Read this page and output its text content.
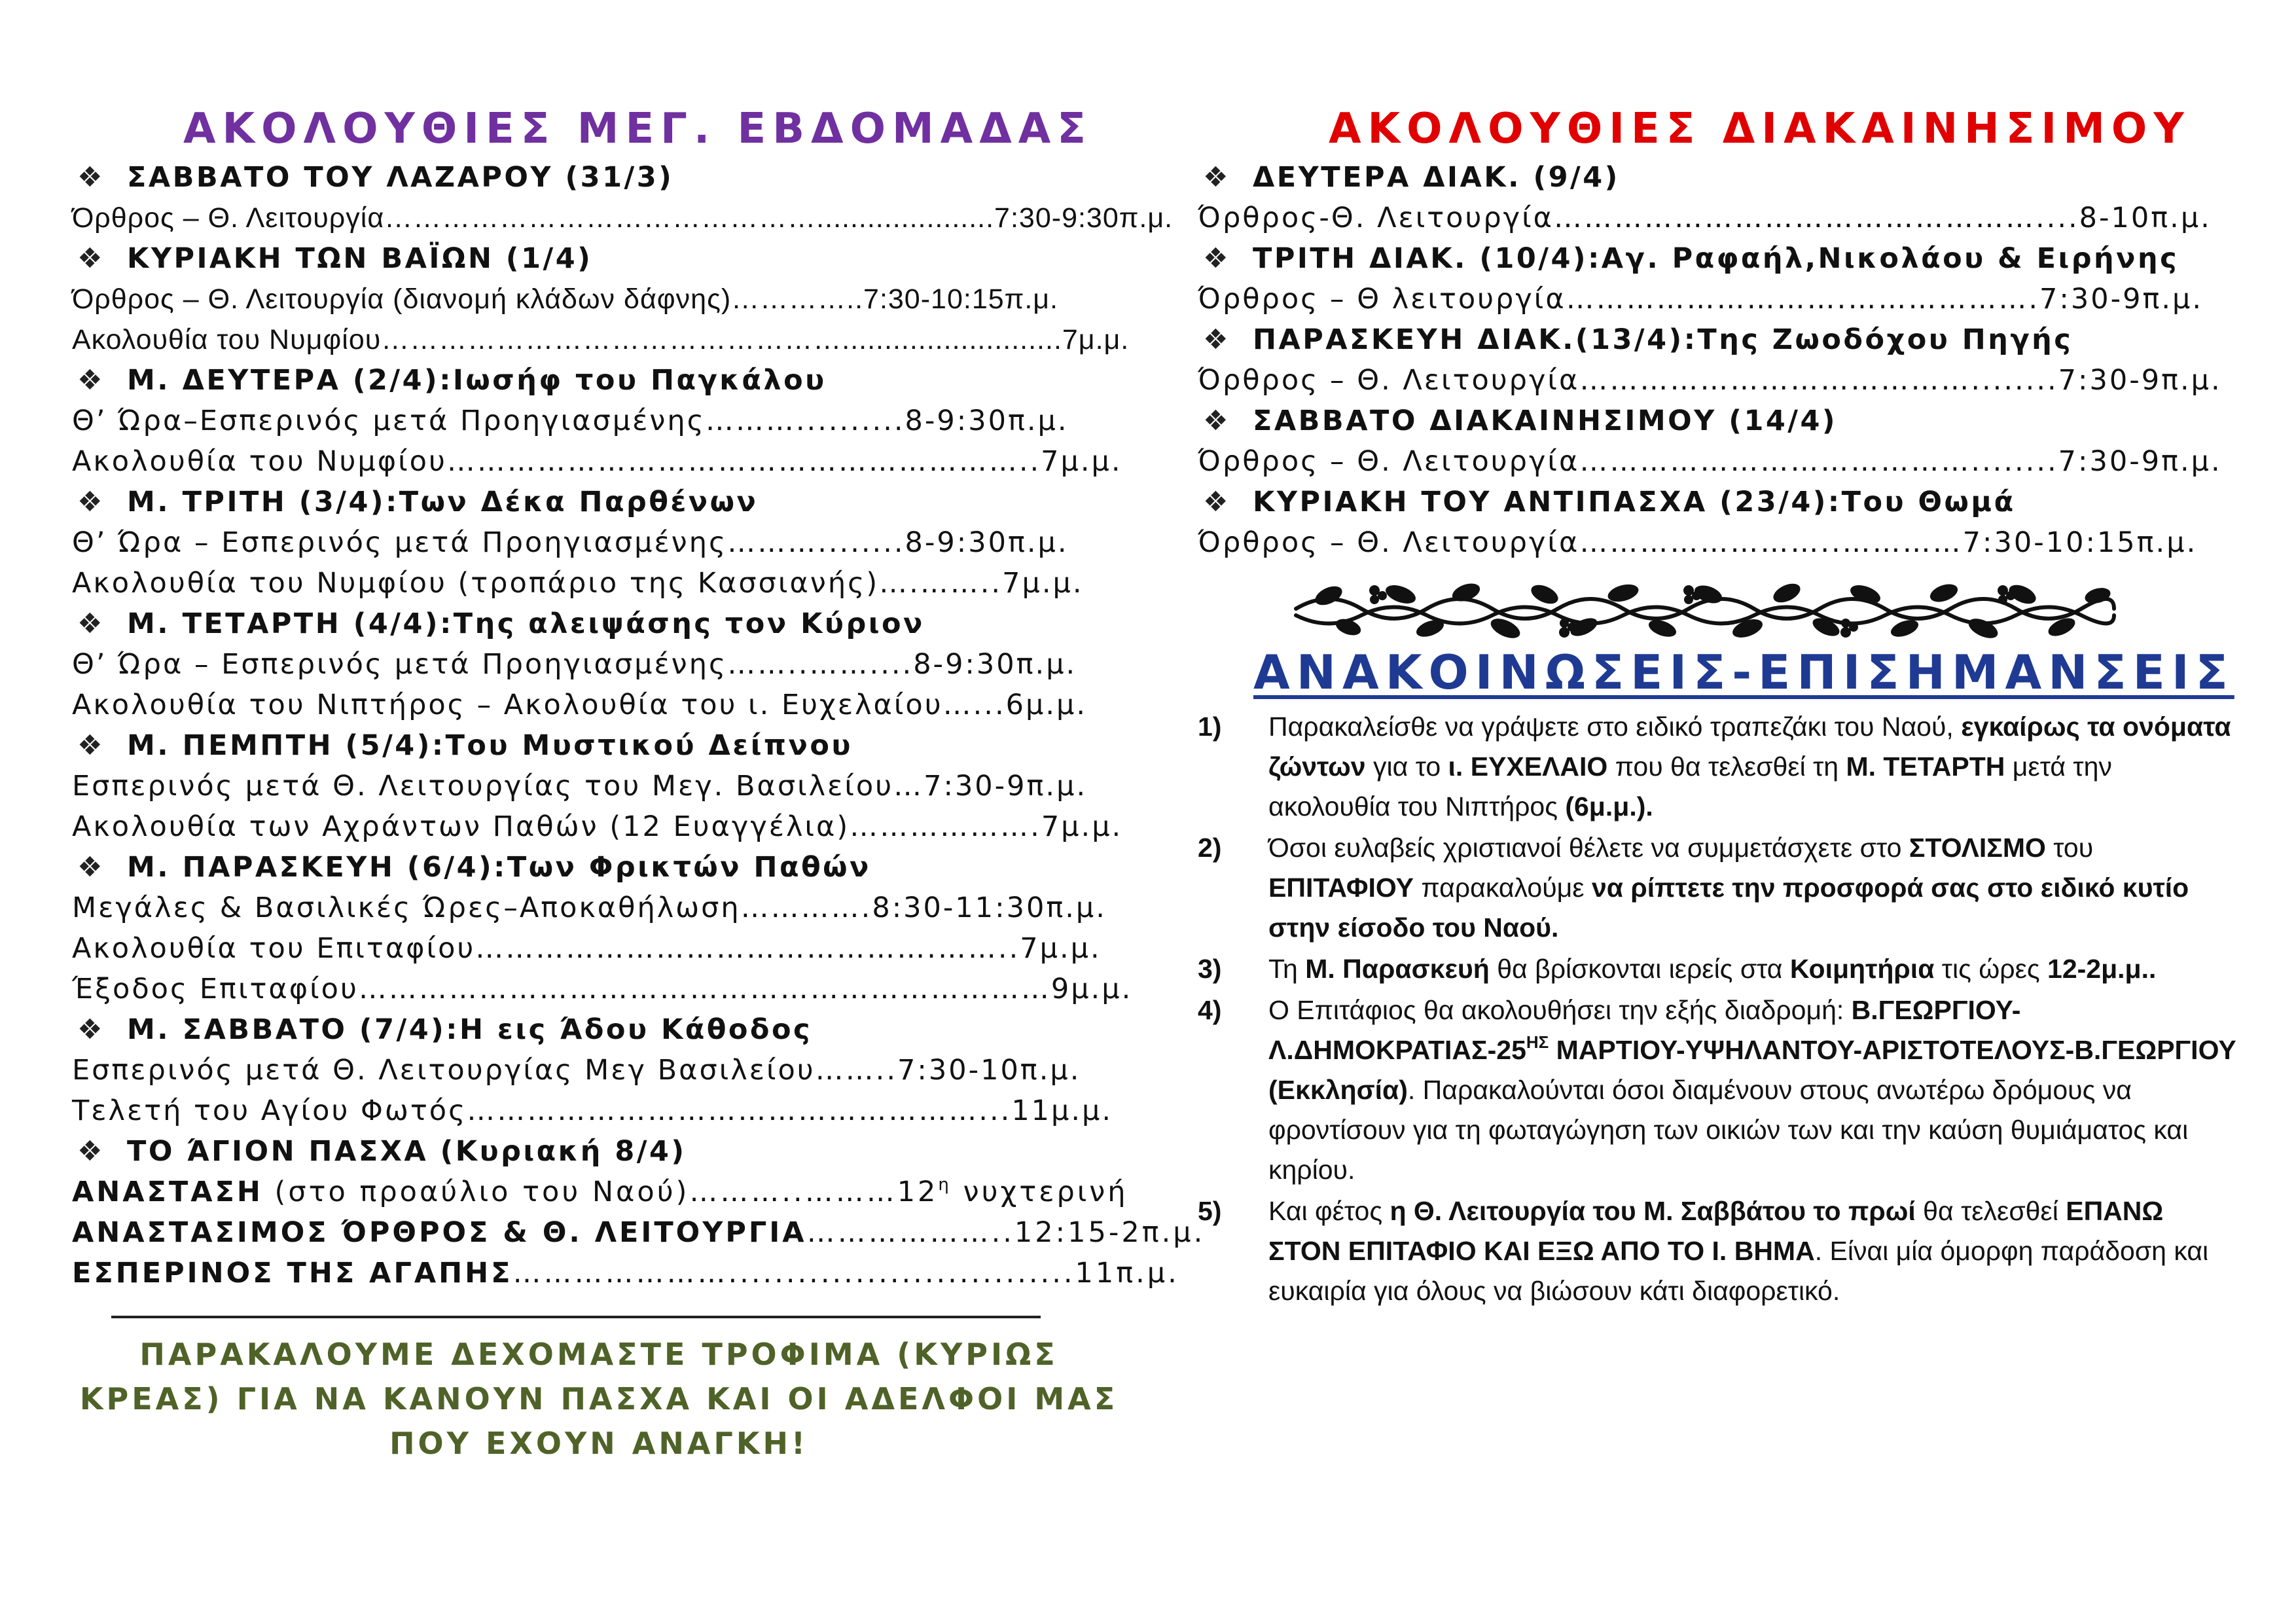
ΑΚΟΛΟΥΘΙΕΣ ΜΕΓ. ΕΒΔΟΜΑΔΑΣ
❖ ΣΑΒΒΑΤΟ ΤΟΥ ΛΑΖΑΡΟΥ (31/3)
Όρθρος – Θ. Λειτουργία……………………………………….....................7:30-9:30π.μ.
❖ ΚΥΡΙΑΚΗ ΤΩΝ ΒΑΪΩΝ (1/4)
Όρθρος – Θ. Λειτουργία (διανομή κλάδων δάφνης)…………..7:30-10:15π.μ.
Ακολουθία του Νυμφίου…………………………………………..........................7μ.μ.
❖ Μ. ΔΕΥΤΕΡΑ (2/4):Ιωσήφ του Παγκάλου
Θ’ Ώρα–Εσπερινός μετά Προηγιασμένης………..........8-9:30π.μ.
Ακολουθία του Νυμφίου…………………………………………………..7μ.μ.
❖ Μ. ΤΡΙΤΗ (3/4):Των Δέκα Παρθένων
Θ’ Ώρα – Εσπερινός μετά Προηγιασμένης………........8-9:30π.μ.
Ακολουθία του Νυμφίου (τροπάριο της Κασσιανής)….……..7μ.μ.
❖ Μ. ΤΕΤΑΡΤΗ (4/4):Της αλειψάσης τον Κύριον
Θ’ Ώρα – Εσπερινός μετά Προηγιασμένης……..……....8-9:30π.μ.
Ακολουθία του Νιπτήρος – Ακολουθία του ι. Ευχελαίου…...6μ.μ.
❖ Μ. ΠΕΜΠΤΗ (5/4):Του Μυστικού Δείπνου
Εσπερινός μετά Θ. Λειτουργίας του Μεγ. Βασιλείου…7:30-9π.μ.
Ακολουθία των Αχράντων Παθών (12 Ευαγγέλια)……………….7μ.μ.
❖ Μ. ΠΑΡΑΣΚΕΥΗ (6/4):Των Φρικτών Παθών
Μεγάλες & Βασιλικές Ώρες–Αποκαθήλωση………….8:30-11:30π.μ.
Ακολουθία του Επιταφίου……………………………………….……..7μ.μ.
Έξοδος Επιταφίου……………………………………………………………9μ.μ.
❖ Μ. ΣΑΒΒΑΤΟ (7/4):Η εις Άδου Κάθοδος
Εσπερινός μετά Θ. Λειτουργίας Μεγ Βασιλείου……..7:30-10π.μ.
Τελετή του Αγίου Φωτός……………………………………………...11μ.μ.
❖ ΤΟ ΆΓΙΟΝ ΠΑΣΧΑ (Κυριακή 8/4)
ΑΝΑΣΤΑΣΗ (στο προαύλιο του $N\alpha oύ)\dots\dots\dots..\dots\dots\dots 12^\eta$ νυχτερινή
ΑΝΑΣΤΑΣΙΜΟΣ ΌΡΘΡΟΣ & Θ. ΛΕΙΤΟΥΡΓΙΑ………………..12:15-2π.μ.
ΕΣΠΕΡΙΝΟΣ ΤΗΣ ΑΓΑΠΗΣ…………………..............................11π.μ.
ΠΑΡΑΚΑΛΟΥΜΕ ΔΕΧΟΜΑΣΤΕ ΤΡΟΦΙΜΑ (ΚΥΡΙΩΣ ΚΡΕΑΣ) ΓΙΑ ΝΑ ΚΑΝΟΥΝ ΠΑΣΧΑ ΚΑΙ ΟΙ ΑΔΕΛΦΟΙ ΜΑΣ ΠΟΥ ΕΧΟΥΝ ΑΝΑΓΚΗ!
ΑΚΟΛΟΥΘΙΕΣ ΔΙΑΚΑΙΝΗΣΙΜΟΥ
❖ ΔΕΥΤΕΡΑ ΔΙΑΚ. (9/4)
Όρθρος-Θ. Λειτουργία…………………………………………....8-10π.μ.
❖ ΤΡΙΤΗ ΔΙΑΚ. (10/4):Αγ. Ραφαήλ,Νικολάου & Ειρήνης
Όρθρος – Θ λειτουργία……………………….……………….7:30-9π.μ.
❖ ΠΑΡΑΣΚΕΥΗ ΔΙΑΚ.(13/4):Της Ζωοδόχου Πηγής
Όρθρος – Θ. Λειτουργία…………………………………........7:30-9π.μ.
❖ ΣΑΒΒΑΤΟ ΔΙΑΚΑΙΝΗΣΙΜΟΥ (14/4)
Όρθρος – Θ. Λειτουργία…………………………………........7:30-9π.μ.
❖ ΚΥΡΙΑΚΗ ΤΟΥ ΑΝΤΙΠΑΣΧΑ (23/4):Του Θωμά
Όρθρος – Θ. Λειτουργία……………………..…………7:30-10:15π.μ.
ΑΝΑΚΟΙΝΩΣΕΙΣ-ΕΠΙΣΗΜΑΝΣΕΙΣ
1) Παρακαλείσθε να γράψετε στο ειδικό τραπεζάκι του Ναού, εγκαίρως τα ονόματα ζώντων για το ι. ΕΥΧΕΛΑΙΟ που θα τελεσθεί τη Μ. ΤΕΤΑΡΤΗ μετά την ακολουθία του Νιπτήρος (6μ.μ.).
2) Όσοι ευλαβείς χριστιανοί θέλετε να συμμετάσχετε στο ΣΤΟΛΙΣΜΟ του ΕΠΙΤΑΦΙΟΥ παρακαλούμε να ρίπτετε την προσφορά σας στο ειδικό κυτίο στην είσοδο του Ναού.
3) Τη Μ. Παρασκευή θα βρίσκονται ιερείς στα Κοιμητήρια τις ώρες 12-2μ.μ..
4) Ο Επιτάφιος θα ακολουθήσει την εξής διαδρομή: $B.\Gamma E\Omega P\Gamma IO\Upsilon-\Lambda.\Delta HMOKPATIA\Sigma-25^{H\Sigma}$ ΜΑΡΤΙΟΥ-ΥΨΗΛΑΝΤΟΥ-ΑΡΙΣΤΟΤΕΛΟΥΣ-Β.ΓΕΩΡΓΙΟΥ (Εκκλησία). Παρακαλούνται όσοι διαμένουν στους ανωτέρω δρόμους να φροντίσουν για τη φωταγώγηση των οικιών των και την καύση θυμιάματος και κηρίου.
5) Και φέτος η Θ. Λειτουργία του Μ. Σαββάτου το πρωί θα τελεσθεί ΕΠΑΝΩ ΣΤΟΝ ΕΠΙΤΑΦΙΟ ΚΑΙ ΕΞΩ ΑΠΟ ΤΟ Ι. ΒΗΜΑ. Είναι μία όμορφη παράδοση και ευκαιρία για όλους να βιώσουν κάτι διαφορετικό.
